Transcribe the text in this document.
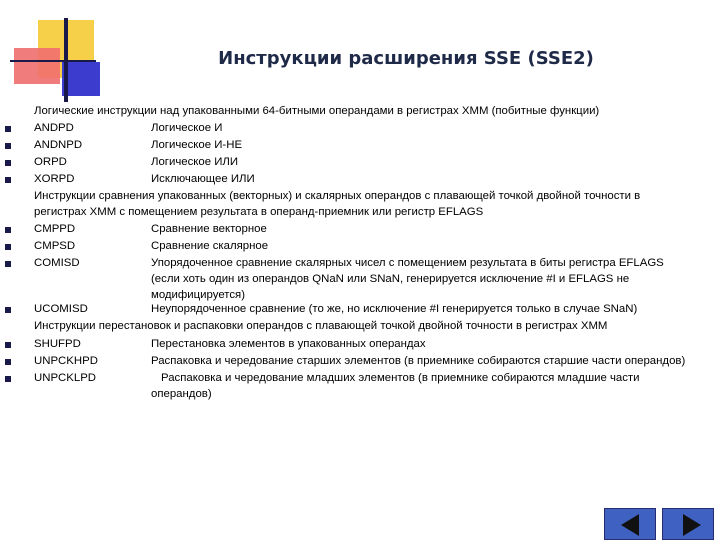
Инструкции расширения SSE (SSE2)
Логические инструкции над упакованными 64-битными операндами в регистрах XMM (побитные функции)
ANDPD	Логическое И
ANDNPD	Логическое И-НЕ
ORPD	Логическое ИЛИ
XORPD	Исключающее ИЛИ
Инструкции сравнения упакованных (векторных) и скалярных операндов с плавающей точкой двойной точности в
регистрах XMM с помещением результата в операнд-приемник или регистр EFLAGS
CMPPD	Сравнение векторное
CMPSD	Сравнение скалярное
COMISD	Упорядоченное сравнение скалярных чисел с помещением результата в биты регистра EFLAGS
(если хоть один из операндов QNaN или SNaN, генерируется исключение #I и EFLAGS не
модифицируется)
UCOMISD	Неупорядоченное сравнение (то же, но исключение #I генерируется только в случае SNaN)
Инструкции перестановок и распаковки операндов с плавающей точкой двойной точности в регистрах XMM
SHUFPD	Перестановка элементов в упакованных операндах
UNPCKHPD	Распаковка и чередование старших элементов (в приемнике собираются старшие части операндов)
UNPCKLPD	Распаковка и чередование младших элементов (в приемнике собираются младшие части
операндов)
